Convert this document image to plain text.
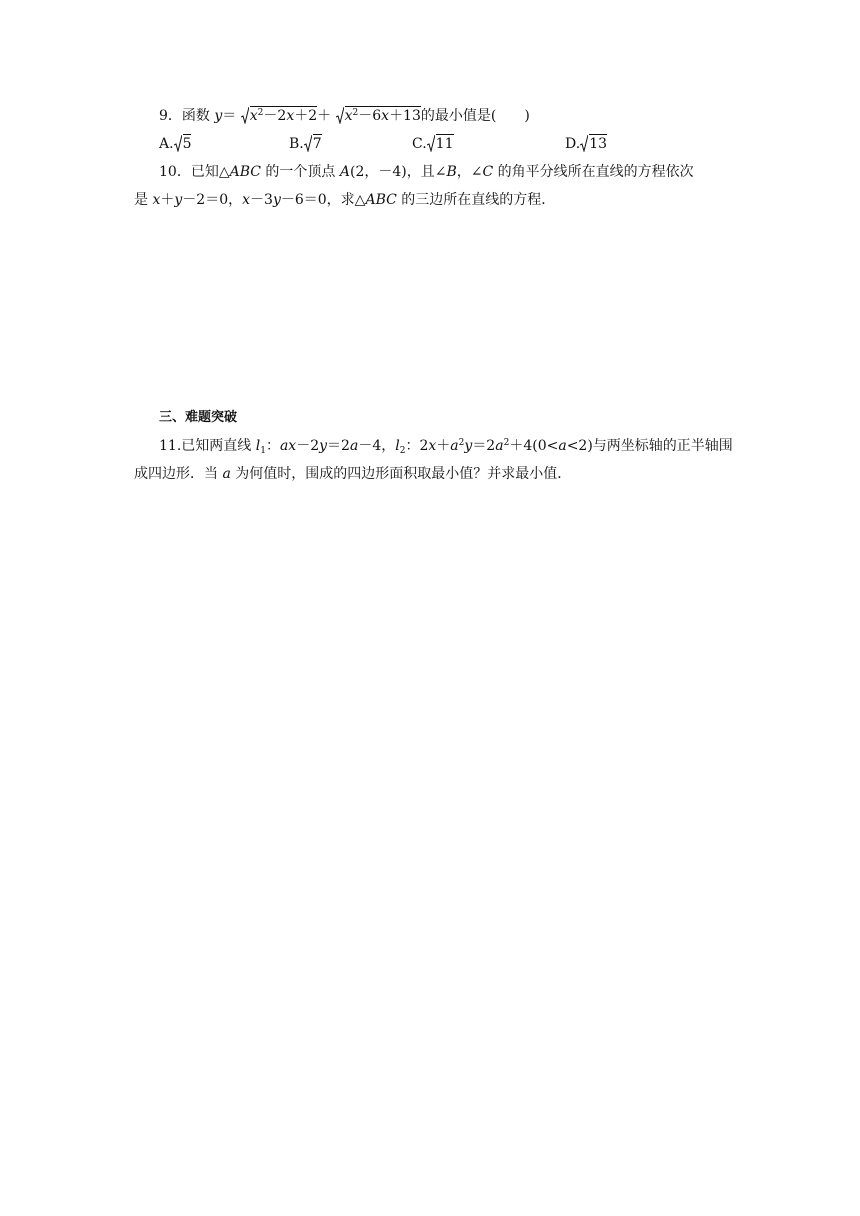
9．函数 y＝
$x^2-2x+2+$
$x^2-6x+13$的最小值是(　　)
A. 5	B. 7	C. 11	D. 13
10．已知△ABC 的一个顶点 A(2，－4)，且∠B，∠C 的角平分线所在直线的方程依次
是 x＋y－2＝0，x－3y－6＝0，求△ABC 的三边所在直线的方程．
三、难题突破
11.已知两直线 $l_1$：ax－2y＝2a－4，$l_2$：$2x+a^2y=2a^2+4(0<a<2)$与两坐标轴的正半轴围
成四边形．当 a 为何值时，围成的四边形面积取最小值？并求最小值．
